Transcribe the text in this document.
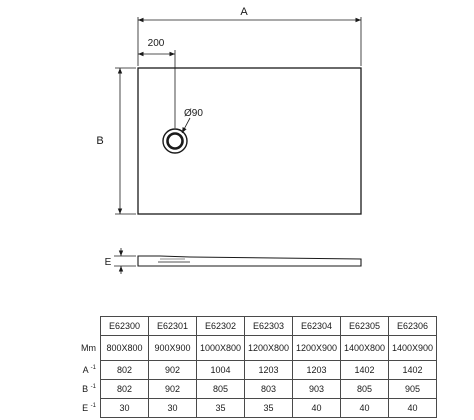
A
200
B
Ø90
E
	E62300	E62301	E62302	E62303	E62304	E62305	E62306
Mm	800X800	900X900	1000X800	1200X800	1200X900	1400X800	1400X900
A $^{-1}$	802	902	1004	1203	1203	1402	1402
B $^{-1}$	802	902	805	803	903	805	905
E $^{-1}$	30	30	35	35	40	40	40
